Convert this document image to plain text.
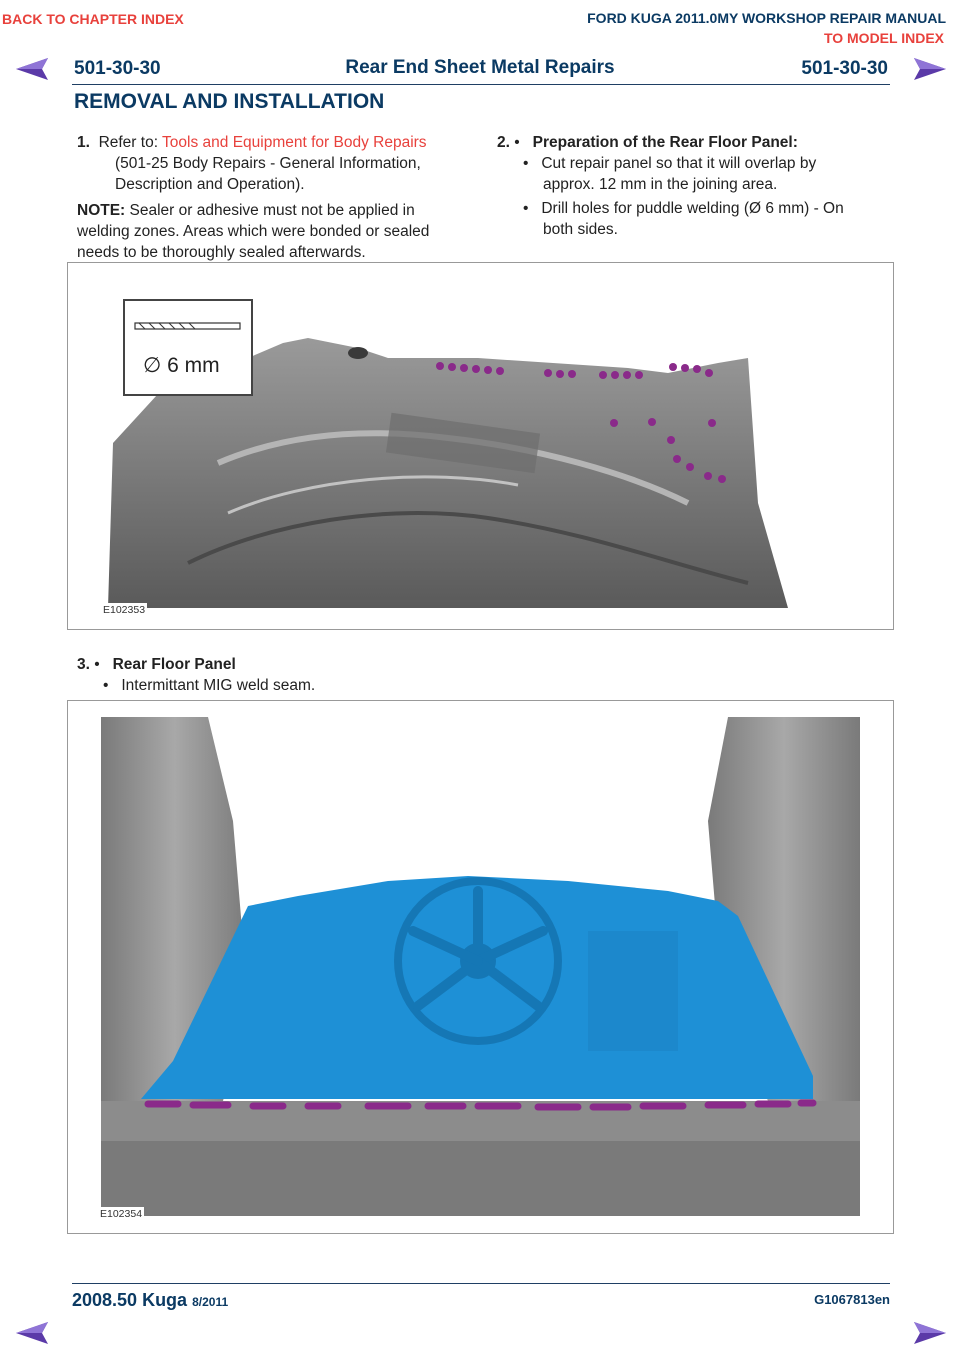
BACK TO CHAPTER INDEX	FORD KUGA 2011.0MY WORKSHOP REPAIR MANUAL
TO MODEL INDEX
501-30-30	Rear End Sheet Metal Repairs	501-30-30
REMOVAL AND INSTALLATION
1. Refer to: Tools and Equipment for Body Repairs
(501-25 Body Repairs - General Information,
Description and Operation).
NOTE: Sealer or adhesive must not be applied in
welding zones. Areas which were bonded or sealed
needs to be thoroughly sealed afterwards.
2. • Preparation of the Rear Floor Panel:
• Cut repair panel so that it will overlap by
approx. 12 mm in the joining area.
• Drill holes for puddle welding (Ø 6 mm) - On
both sides.
∅ 6 mm
E102353
3. • Rear Floor Panel
• Intermittant MIG weld seam.
E102354
2008.50 Kuga 8/2011	G1067813en
